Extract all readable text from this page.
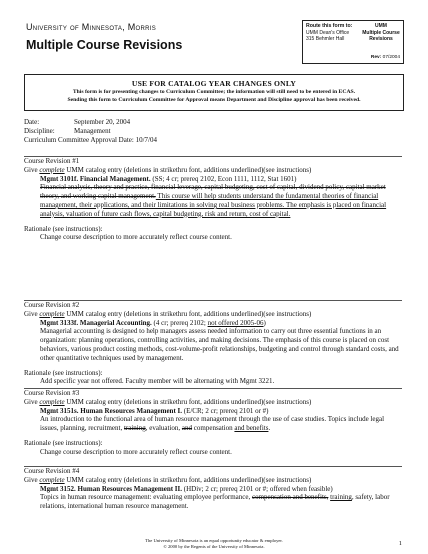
University of Minnesota, Morris
Multiple Course Revisions
Route this form to:
UMM Dean's Office
315 Behmler Hall
UMM
Multiple Course
Revisions
Rev: 07/2004
USE FOR CATALOG YEAR CHANGES ONLY
This form is for presenting changes to Curriculum Committee; the information will still need to be entered in ECAS.
Sending this form to Curriculum Committee for Approval means Department and Discipline approval has been received.
Date:	September 20, 2004
Discipline:	Management
Curriculum Committee Approval Date: 10/7/04
Course Revision #1
Give complete UMM catalog entry (deletions in strikethru font, additions underlined)(see instructions)
Mgmt 3101f. Financial Management. (SS; 4 cr; prereq 2102, Econ 1111, 1112, Stat 1601)
Financial analysis, theory and practice, financial leverage, capital budgeting, cost of capital, dividend policy, capital market theory, and working capital management. This course will help students understand the fundamental theories of financial management, their applications, and their limitations in solving real business problems. The emphasis is placed on financial analysis, valuation of future cash flows, capital budgeting, risk and return, cost of capital.
Rationale (see instructions):
Change course description to more accurately reflect course content.
Course Revision #2
Give complete UMM catalog entry (deletions in strikethru font, additions underlined)(see instructions)
Mgmt 3133f. Managerial Accounting. (4 cr; prereq 2102; not offered 2005-06)
Managerial accounting is designed to help managers assess needed information to carry out three essential functions in an organization: planning operations, controlling activities, and making decisions. The emphasis of this course is placed on cost behaviors, various product costing methods, cost-volume-profit relationships, budgeting and control through standard costs, and other quantitative techniques used by management.
Rationale (see instructions):
Add specific year not offered. Faculty member will be alternating with Mgmt 3221.
Course Revision #3
Give complete UMM catalog entry (deletions in strikethru font, additions underlined)(see instructions)
Mgmt 3151s. Human Resources Management I. (E/CR; 2 cr; prereq 2101 or #)
An introduction to the functional area of human resource management through the use of case studies. Topics include legal issues, planning, recruitment, training, evaluation, and compensation and benefits.
Rationale (see instructions):
Change course description to more accurately reflect course content.
Course Revision #4
Give complete UMM catalog entry (deletions in strikethru font, additions underlined)(see instructions)
Mgmt 3152. Human Resources Management II. (HDiv; 2 cr; prereq 2101 or #; offered when feasible)
Topics in human resource management: evaluating employee performance, compensation and benefits, training, safety, labor relations, international human resource management.
The University of Minnesota is an equal opportunity educator & employer.
© 2000 by the Regents of the University of Minnesota.	1
